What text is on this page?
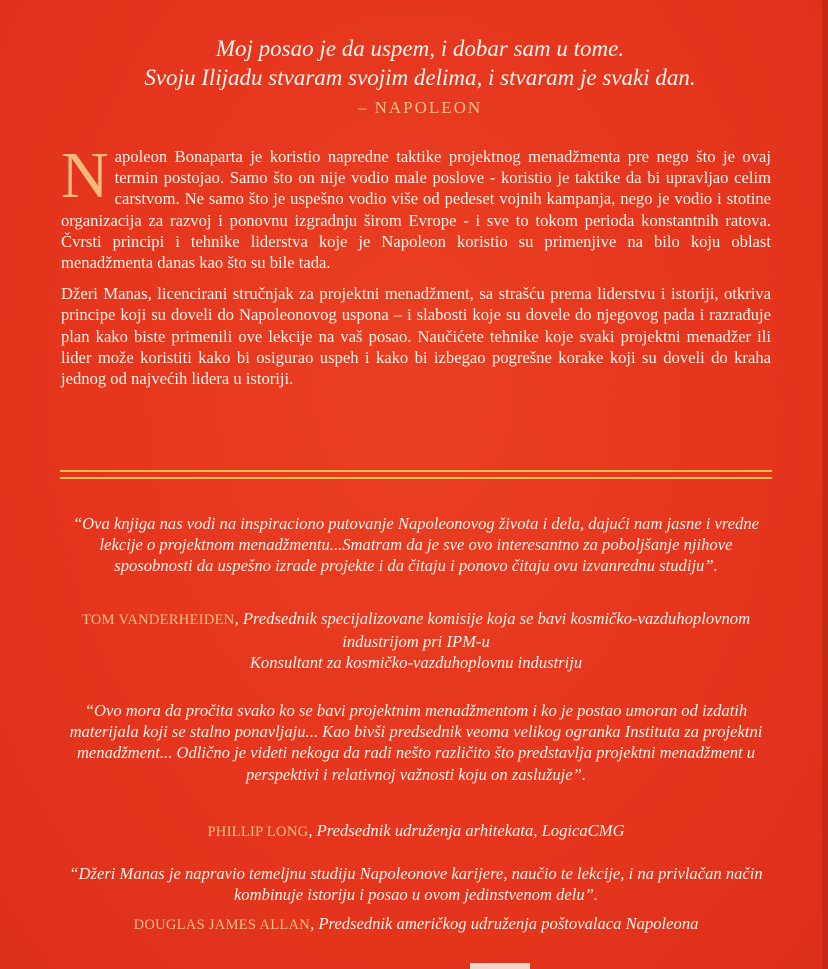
Moj posao je da uspem, i dobar sam u tome.
Svoju Ilijadu stvaram svojim delima, i stvaram je svaki dan.
– NAPOLEON

Napoleon Bonaparta je koristio napredne taktike projektnog menadžmenta pre nego što je ovaj termin postojao. Samo što on nije vodio male poslove - koristio je taktike da bi upravljao celim carstvom. Ne samo što je uspešno vodio više od pedeset vojnih kampanja, nego je vodio i stotine organizacija za razvoj i ponovnu izgradnju širom Evrope - i sve to tokom perioda konstantnih ratova. Čvrsti principi i tehnike liderstva koje je Napoleon koristio su primenjive na bilo koju oblast menadžmenta danas kao što su bile tada.

Džeri Manas, licencirani stručnjak za projektni menadžment, sa strašću prema liderstvu i istoriji, otkriva principe koji su doveli do Napoleonovog uspona – i slabosti koje su dovele do njegovog pada i razrađuje plan kako biste primenili ove lekcije na vaš posao. Naučićete tehnike koje svaki projektni menadžer ili lider može koristiti kako bi osigurao uspeh i kako bi izbegao pogrešne korake koji su doveli do kraha jednog od najvećih lidera u istoriji.

“Ova knjiga nas vodi na inspiraciono putovanje Napoleonovog života i dela, dajući nam jasne i vredne lekcije o projektnom menadžmentu...Smatram da je sve ovo interesantno za poboljšanje njihove sposobnosti da uspešno izrade projekte i da čitaju i ponovo čitaju ovu izvanrednu studiju”.
TOM VANDERHEIDEN, Predsednik specijalizovane komisije koja se bavi kosmičko-vazduhoplovnom industrijom pri IPM-u
Konsultant za kosmičko-vazduhoplovnu industriju
“Ovo mora da pročita svako ko se bavi projektnim menadžmentom i ko je postao umoran od izdatih materijala koji se stalno ponavljaju... Kao bivši predsednik veoma velikog ogranka Instituta za projektni menadžment... Odlično je videti nekoga da radi nešto različito što predstavlja projektni menadžment u perspektivi i relativnoj važnosti koju on zaslužuje”.
PHILLIP LONG, Predsednik udruženja arhitekata, LogicaCMG
“Džeri Manas je napravio temeljnu studiju Napoleonove karijere, naučio te lekcije, i na privlačan način kombinuje istoriju i posao u ovom jedinstvenom delu”.
DOUGLAS JAMES ALLAN, Predsednik američkog udruženja poštovalaca Napoleona
